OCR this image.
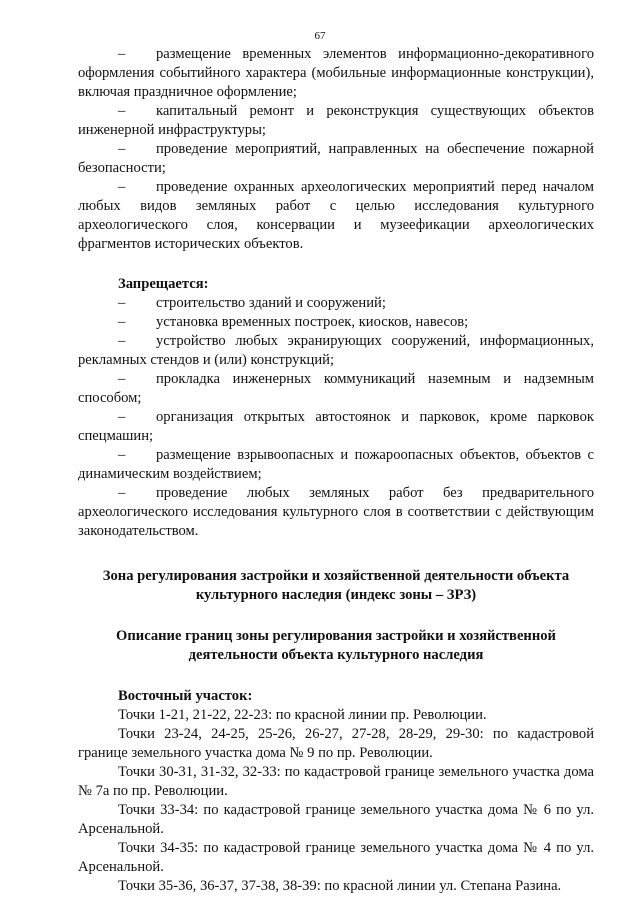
67

– размещение временных элементов информационно-декоративного оформления событийного характера (мобильные информационные конструкции), включая праздничное оформление;

– капитальный ремонт и реконструкция существующих объектов инженерной инфраструктуры;

– проведение мероприятий, направленных на обеспечение пожарной безопасности;

– проведение охранных археологических мероприятий перед началом любых видов земляных работ с целью исследования культурного археологического слоя, консервации и музеефикации археологических фрагментов исторических объектов.

Запрещается:

– строительство зданий и сооружений;

– установка временных построек, киосков, навесов;

– устройство любых экранирующих сооружений, информационных, рекламных стендов и (или) конструкций;

– прокладка инженерных коммуникаций наземным и надземным способом;

– организация открытых автостоянок и парковок, кроме парковок спецмашин;

– размещение взрывоопасных и пожароопасных объектов, объектов с динамическим воздействием;

– проведение любых земляных работ без предварительного археологического исследования культурного слоя в соответствии с действующим законодательством.

Зона регулирования застройки и хозяйственной деятельности объекта культурного наследия (индекс зоны – ЗРЗ)

Описание границ зоны регулирования застройки и хозяйственной деятельности объекта культурного наследия

Восточный участок:

Точки 1-21, 21-22, 22-23: по красной линии пр. Революции.

Точки 23-24, 24-25, 25-26, 26-27, 27-28, 28-29, 29-30: по кадастровой границе земельного участка дома № 9 по пр. Революции.

Точки 30-31, 31-32, 32-33: по кадастровой границе земельного участка дома № 7а по пр. Революции.

Точки 33-34: по кадастровой границе земельного участка дома № 6 по ул. Арсенальной.

Точки 34-35: по кадастровой границе земельного участка дома № 4 по ул. Арсенальной.

Точки 35-36, 36-37, 37-38, 38-39: по красной линии ул. Степана Разина.
